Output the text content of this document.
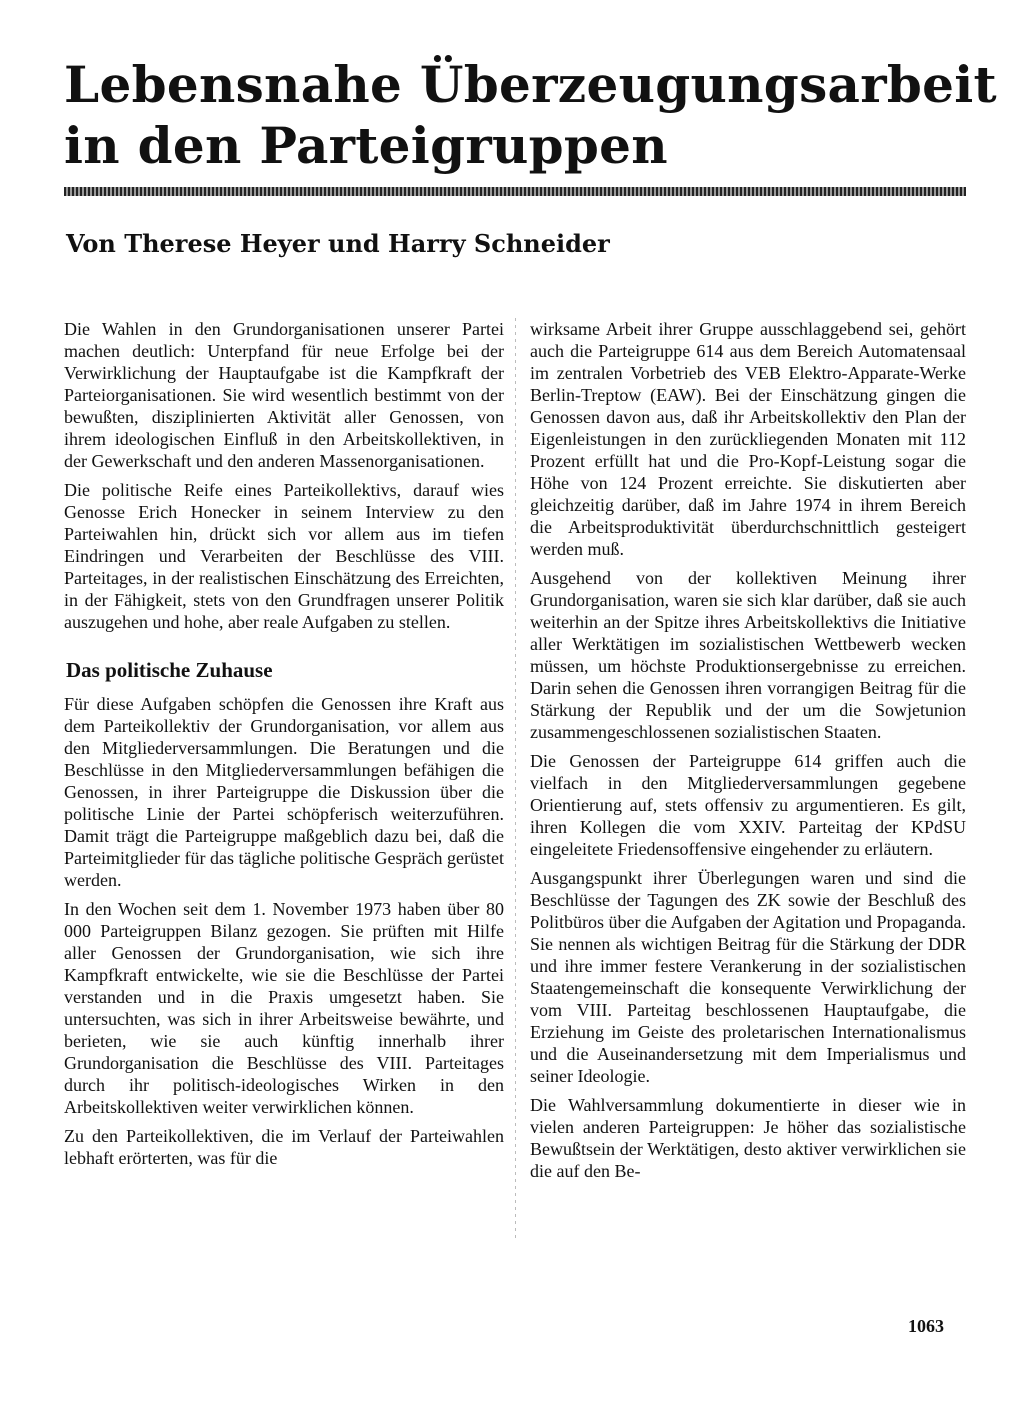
Lebensnahe Überzeugungsarbeit
in den Parteigruppen
Von Therese Heyer und Harry Schneider

Die Wahlen in den Grundorganisationen unserer Partei machen deutlich: Unterpfand für neue Erfolge bei der Verwirklichung der Hauptaufgabe ist die Kampfkraft der Parteiorganisationen. Sie wird wesentlich bestimmt von der bewußten, disziplinierten Aktivität aller Genossen, von ihrem ideologischen Einfluß in den Arbeitskollektiven, in der Gewerkschaft und den anderen Massenorganisationen.

Die politische Reife eines Parteikollektivs, darauf wies Genosse Erich Honecker in seinem Interview zu den Parteiwahlen hin, drückt sich vor allem aus im tiefen Eindringen und Verarbeiten der Beschlüsse des VIII. Parteitages, in der realistischen Einschätzung des Erreichten, in der Fähigkeit, stets von den Grundfragen unserer Politik auszugehen und hohe, aber reale Aufgaben zu stellen.

Das politische Zuhause

Für diese Aufgaben schöpfen die Genossen ihre Kraft aus dem Parteikollektiv der Grundorganisation, vor allem aus den Mitgliederversammlungen. Die Beratungen und die Beschlüsse in den Mitgliederversammlungen befähigen die Genossen, in ihrer Parteigruppe die Diskussion über die politische Linie der Partei schöpferisch weiterzuführen. Damit trägt die Parteigruppe maßgeblich dazu bei, daß die Parteimitglieder für das tägliche politische Gespräch gerüstet werden.

In den Wochen seit dem 1. November 1973 haben über 80 000 Parteigruppen Bilanz gezogen. Sie prüften mit Hilfe aller Genossen der Grundorganisation, wie sich ihre Kampfkraft entwickelte, wie sie die Beschlüsse der Partei verstanden und in die Praxis umgesetzt haben. Sie untersuchten, was sich in ihrer Arbeitsweise bewährte, und berieten, wie sie auch künftig innerhalb ihrer Grundorganisation die Beschlüsse des VIII. Parteitages durch ihr politisch-ideologisches Wirken in den Arbeitskollektiven weiter verwirklichen können.

Zu den Parteikollektiven, die im Verlauf der Parteiwahlen lebhaft erörterten, was für die

wirksame Arbeit ihrer Gruppe ausschlaggebend sei, gehört auch die Parteigruppe 614 aus dem Bereich Automatensaal im zentralen Vorbetrieb des VEB Elektro-Apparate-Werke Berlin-Treptow (EAW). Bei der Einschätzung gingen die Genossen davon aus, daß ihr Arbeitskollektiv den Plan der Eigenleistungen in den zurückliegenden Monaten mit 112 Prozent erfüllt hat und die Pro-Kopf-Leistung sogar die Höhe von 124 Prozent erreichte. Sie diskutierten aber gleichzeitig darüber, daß im Jahre 1974 in ihrem Bereich die Arbeitsproduktivität überdurchschnittlich gesteigert werden muß.

Ausgehend von der kollektiven Meinung ihrer Grundorganisation, waren sie sich klar darüber, daß sie auch weiterhin an der Spitze ihres Arbeitskollektivs die Initiative aller Werktätigen im sozialistischen Wettbewerb wecken müssen, um höchste Produktionsergebnisse zu erreichen. Darin sehen die Genossen ihren vorrangigen Beitrag für die Stärkung der Republik und der um die Sowjetunion zusammengeschlossenen sozialistischen Staaten.

Die Genossen der Parteigruppe 614 griffen auch die vielfach in den Mitgliederversammlungen gegebene Orientierung auf, stets offensiv zu argumentieren. Es gilt, ihren Kollegen die vom XXIV. Parteitag der KPdSU eingeleitete Friedensoffensive eingehender zu erläutern.

Ausgangspunkt ihrer Überlegungen waren und sind die Beschlüsse der Tagungen des ZK sowie der Beschluß des Politbüros über die Aufgaben der Agitation und Propaganda. Sie nennen als wichtigen Beitrag für die Stärkung der DDR und ihre immer festere Verankerung in der sozialistischen Staatengemeinschaft die konsequente Verwirklichung der vom VIII. Parteitag beschlossenen Hauptaufgabe, die Erziehung im Geiste des proletarischen Internationalismus und die Auseinandersetzung mit dem Imperialismus und seiner Ideologie.

Die Wahlversammlung dokumentierte in dieser wie in vielen anderen Parteigruppen: Je höher das sozialistische Bewußtsein der Werktätigen, desto aktiver verwirklichen sie die auf den Be-

1063
